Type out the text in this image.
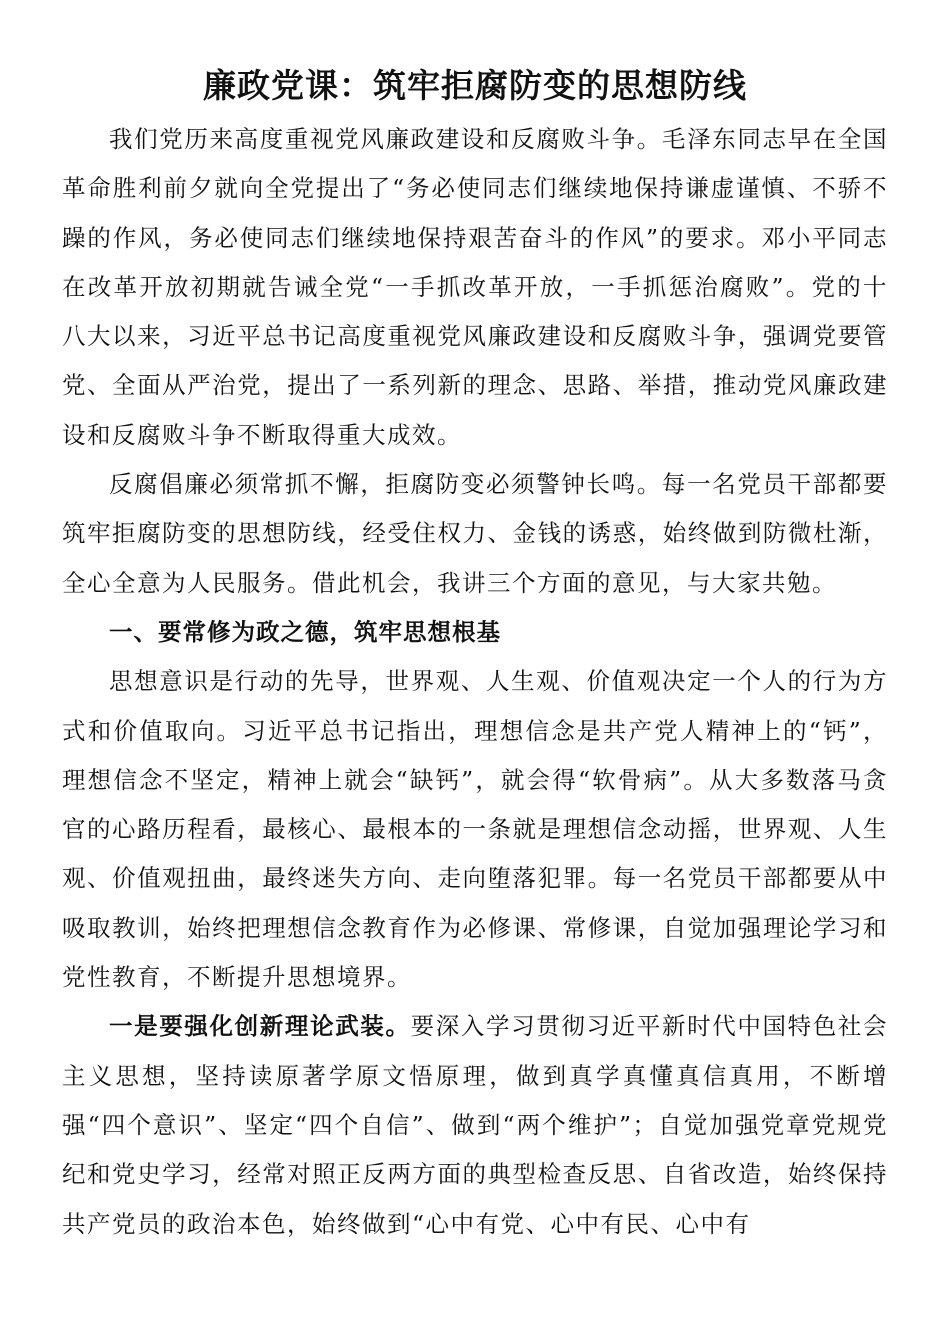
廉政党课：筑牢拒腐防变的思想防线

我们党历来高度重视党风廉政建设和反腐败斗争。毛泽东同志早在全国革命胜利前夕就向全党提出了“务必使同志们继续地保持谦虚谨慎、不骄不躁的作风，务必使同志们继续地保持艰苦奋斗的作风”的要求。邓小平同志在改革开放初期就告诫全党“一手抓改革开放，一手抓惩治腐败”。党的十八大以来，习近平总书记高度重视党风廉政建设和反腐败斗争，强调党要管党、全面从严治党，提出了一系列新的理念、思路、举措，推动党风廉政建设和反腐败斗争不断取得重大成效。

反腐倡廉必须常抓不懈，拒腐防变必须警钟长鸣。每一名党员干部都要筑牢拒腐防变的思想防线，经受住权力、金钱的诱惑，始终做到防微杜渐，全心全意为人民服务。借此机会，我讲三个方面的意见，与大家共勉。

一、要常修为政之德，筑牢思想根基

思想意识是行动的先导，世界观、人生观、价值观决定一个人的行为方式和价值取向。习近平总书记指出，理想信念是共产党人精神上的“钙”，理想信念不坚定，精神上就会“缺钙”，就会得“软骨病”。从大多数落马贪官的心路历程看，最核心、最根本的一条就是理想信念动摇，世界观、人生观、价值观扭曲，最终迷失方向、走向堕落犯罪。每一名党员干部都要从中吸取教训，始终把理想信念教育作为必修课、常修课，自觉加强理论学习和党性教育，不断提升思想境界。

一是要强化创新理论武装。要深入学习贯彻习近平新时代中国特色社会主义思想，坚持读原著学原文悟原理，做到真学真懂真信真用，不断增强“四个意识”、坚定“四个自信”、做到“两个维护”；自觉加强党章党规党纪和党史学习，经常对照正反两方面的典型检查反思、自省改造，始终保持共产党员的政治本色，始终做到“心中有党、心中有民、心中有
